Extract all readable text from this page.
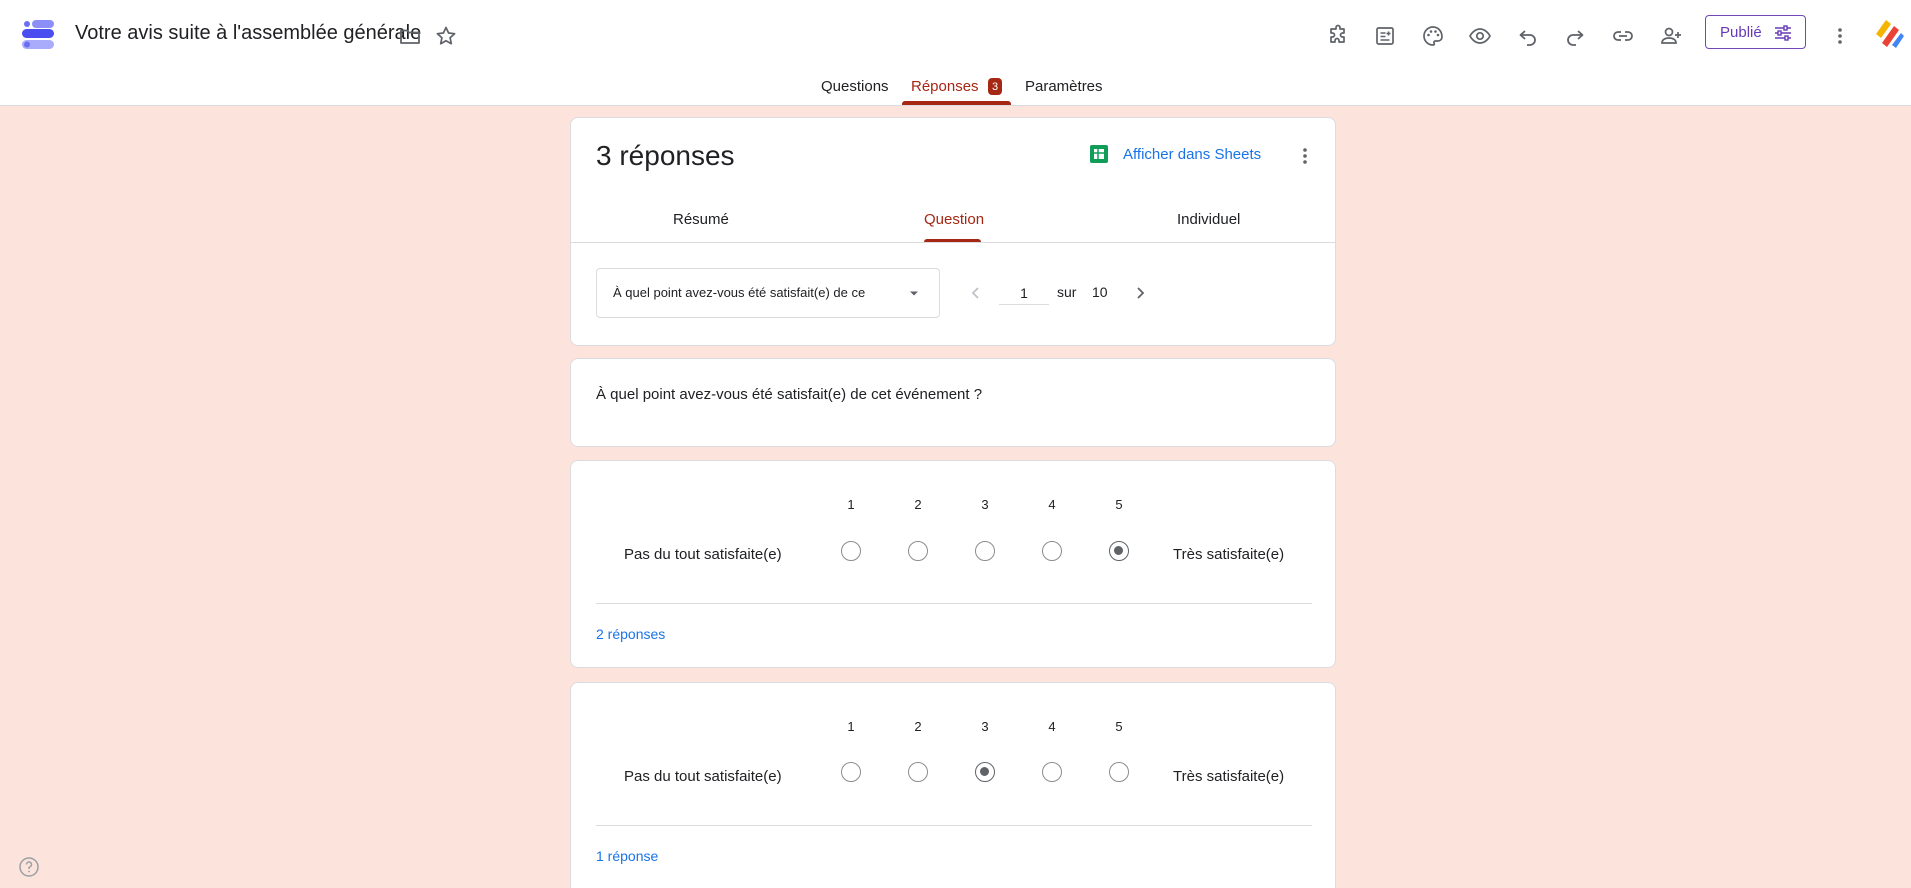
Votre avis suite à l'assemblée générale	Publié
Questions Réponses	Paramètres
3
3 réponses	Afficher dans Sheets
Résumé	Question	Individuel
À quel point avez-vous été satisfait(e) de ce
1	sur 10
À quel point avez-vous été satisfait(e) de cet événement ?
1	2	3	4	5
Pas du tout satisfaite(e)	Très satisfaite(e)
2 réponses
1	2	3	4	5
Pas du tout satisfaite(e)	Très satisfaite(e)
1 réponse
